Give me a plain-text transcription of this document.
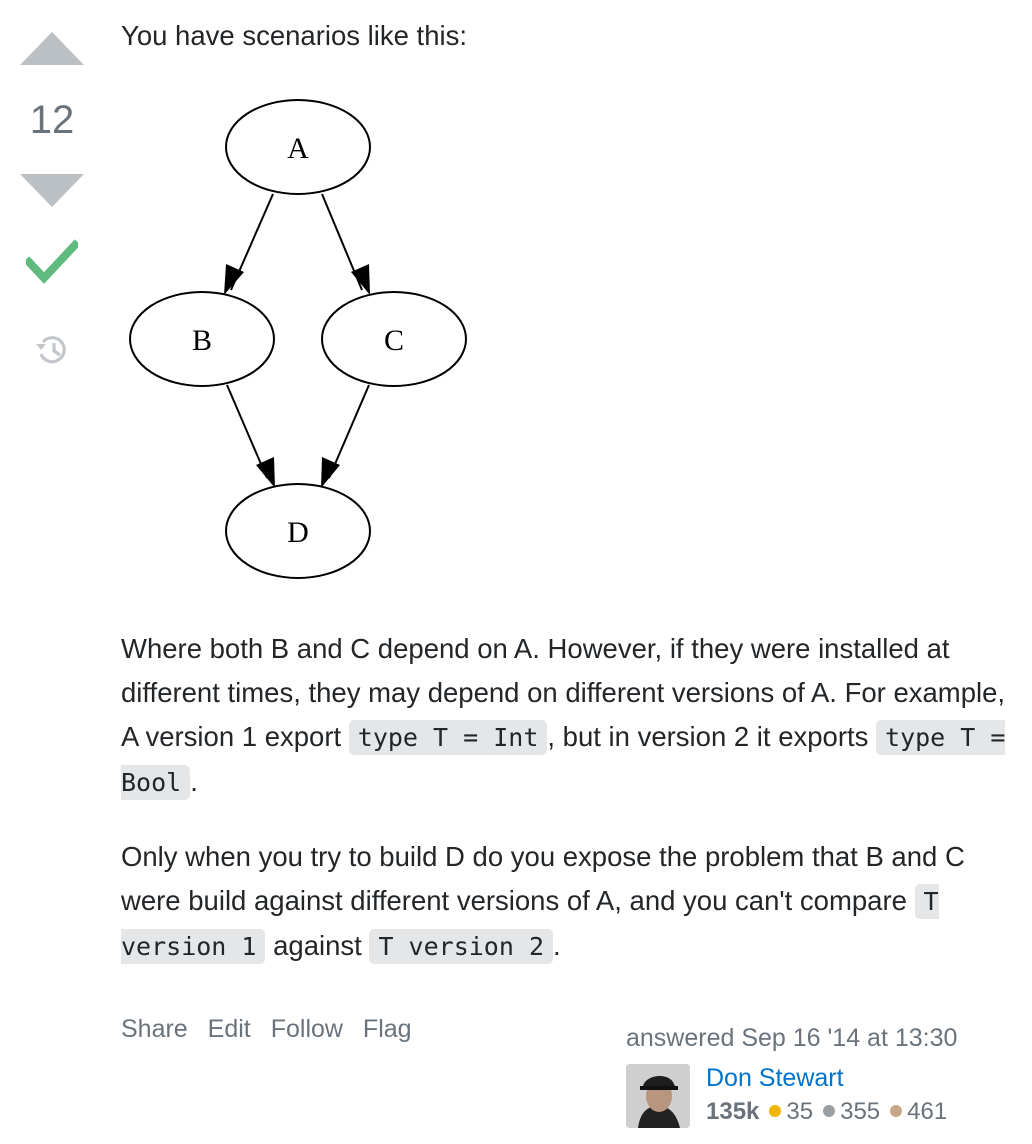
12

You have scenarios like this:

Where both B and C depend on A. However, if they were installed at different times, they may depend on different versions of A. For example, A version 1 export type T = Int , but in version 2 it exports type T = Bool .

Only when you try to build D do you expose the problem that B and C were build against different versions of A, and you can't compare T version 1 against T version 2 .

A
B	C
D
Share Edit Follow Flag	answered Sep 16 '14 at 13:30
Don Stewart
135k 35 355 461
